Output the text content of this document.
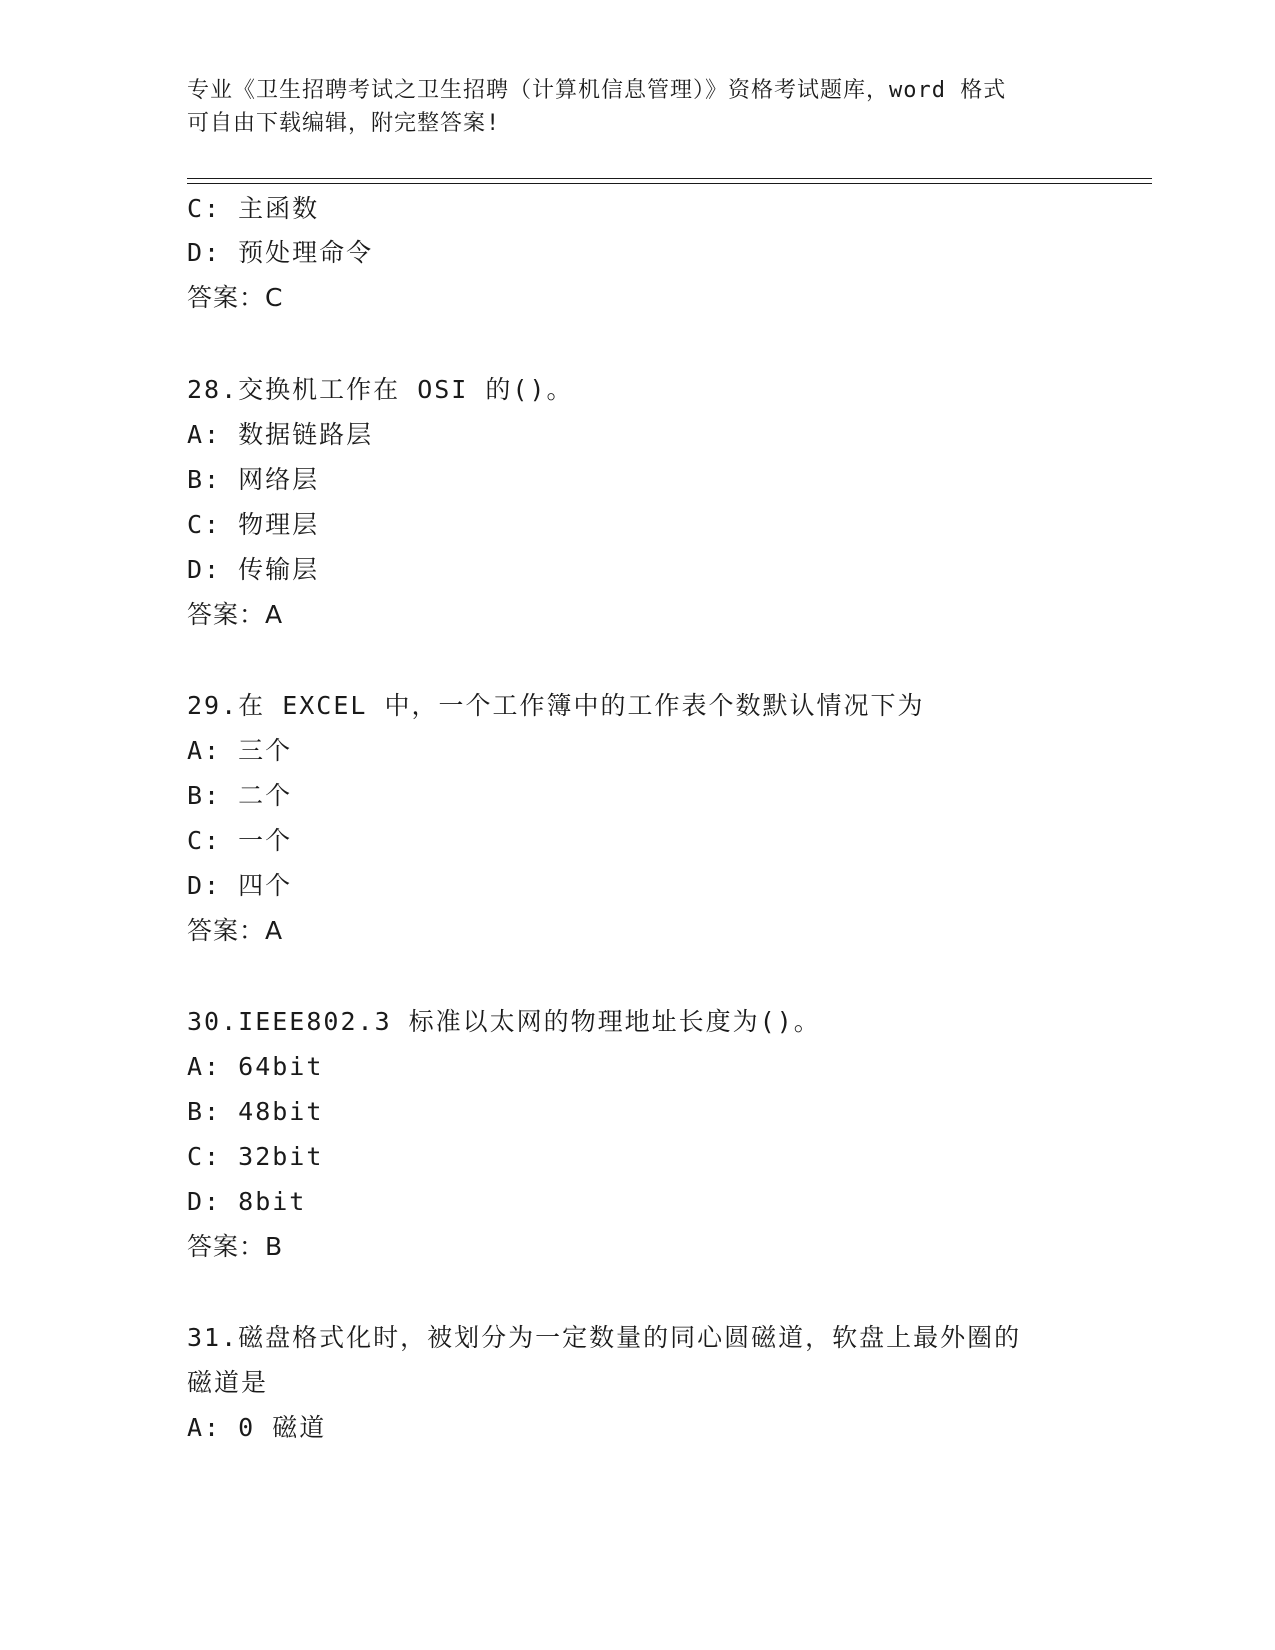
专业《卫生招聘考试之卫生招聘（计算机信息管理）》资格考试题库，word 格式
可自由下载编辑，附完整答案!
C: 主函数
D: 预处理命令
答案：C
28.交换机工作在 OSI 的()。
A: 数据链路层
B: 网络层
C: 物理层
D: 传输层
答案：A
29.在 EXCEL 中，一个工作簿中的工作表个数默认情况下为
A: 三个
B: 二个
C: 一个
D: 四个
答案：A
30.IEEE802.3 标准以太网的物理地址长度为()。
A: 64bit
B: 48bit
C: 32bit
D: 8bit
答案：B
31.磁盘格式化时，被划分为一定数量的同心圆磁道，软盘上最外圈的
磁道是
A: 0 磁道
